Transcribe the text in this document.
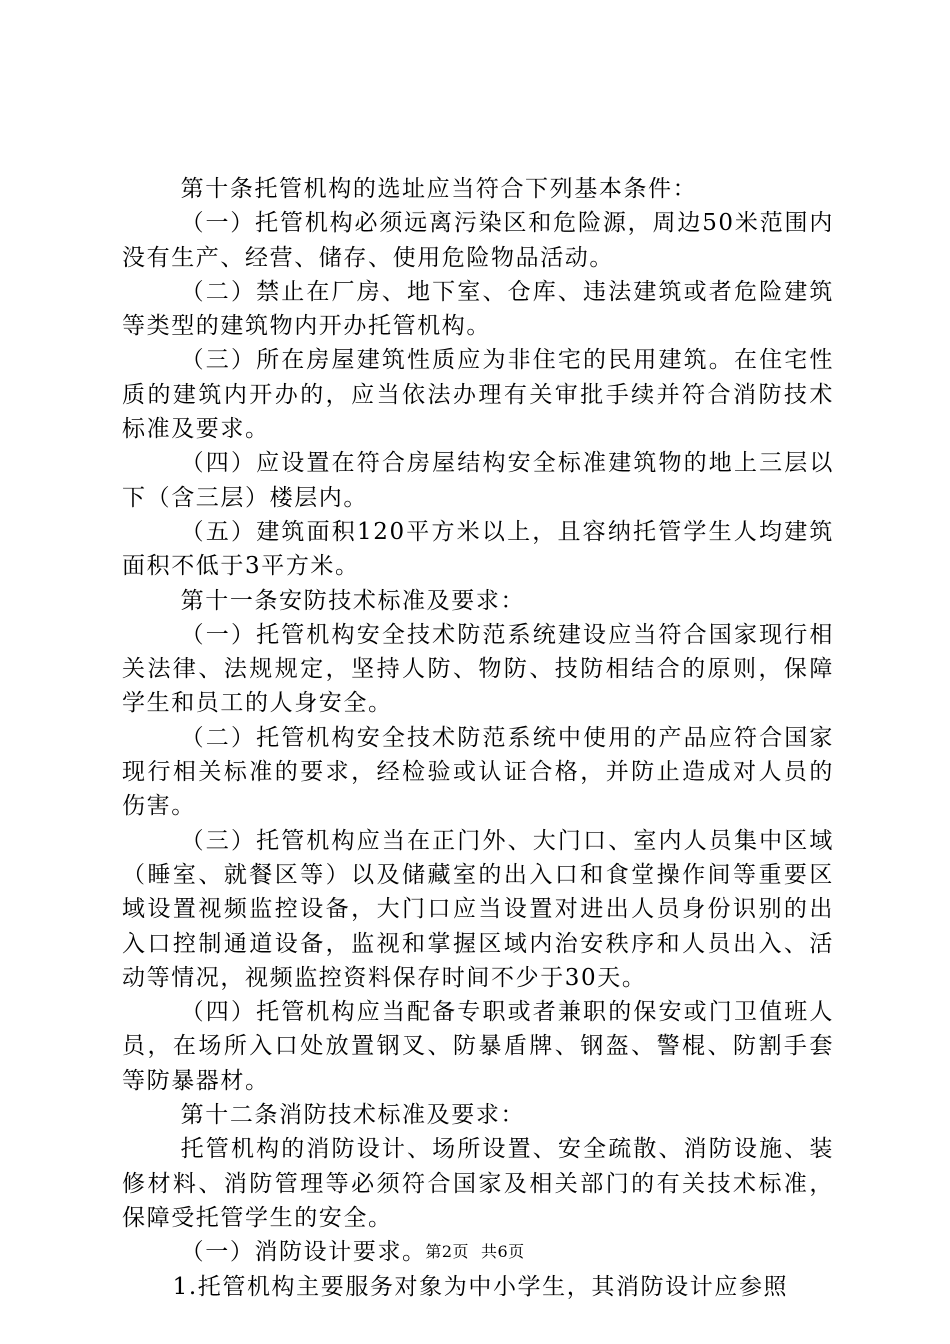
第十条托管机构的选址应当符合下列基本条件：

（一）托管机构必须远离污染区和危险源，周边50米范围内没有生产、经营、储存、使用危险物品活动。

（二）禁止在厂房、地下室、仓库、违法建筑或者危险建筑等类型的建筑物内开办托管机构。

（三）所在房屋建筑性质应为非住宅的民用建筑。在住宅性质的建筑内开办的，应当依法办理有关审批手续并符合消防技术标准及要求。

（四）应设置在符合房屋结构安全标准建筑物的地上三层以下（含三层）楼层内。

（五）建筑面积120平方米以上，且容纳托管学生人均建筑面积不低于3平方米。

第十一条安防技术标准及要求：

（一）托管机构安全技术防范系统建设应当符合国家现行相关法律、法规规定，坚持人防、物防、技防相结合的原则，保障学生和员工的人身安全。

（二）托管机构安全技术防范系统中使用的产品应符合国家现行相关标准的要求，经检验或认证合格，并防止造成对人员的伤害。

（三）托管机构应当在正门外、大门口、室内人员集中区域（睡室、就餐区等）以及储藏室的出入口和食堂操作间等重要区域设置视频监控设备，大门口应当设置对进出人员身份识别的出入口控制通道设备，监视和掌握区域内治安秩序和人员出入、活动等情况，视频监控资料保存时间不少于30天。

（四）托管机构应当配备专职或者兼职的保安或门卫值班人员，在场所入口处放置钢叉、防暴盾牌、钢盔、警棍、防割手套等防暴器材。

第十二条消防技术标准及要求：

托管机构的消防设计、场所设置、安全疏散、消防设施、装修材料、消防管理等必须符合国家及相关部门的有关技术标准，保障受托管学生的安全。

（一）消防设计要求。

1.托管机构主要服务对象为中小学生，其消防设计应参照

第2页 共6页
